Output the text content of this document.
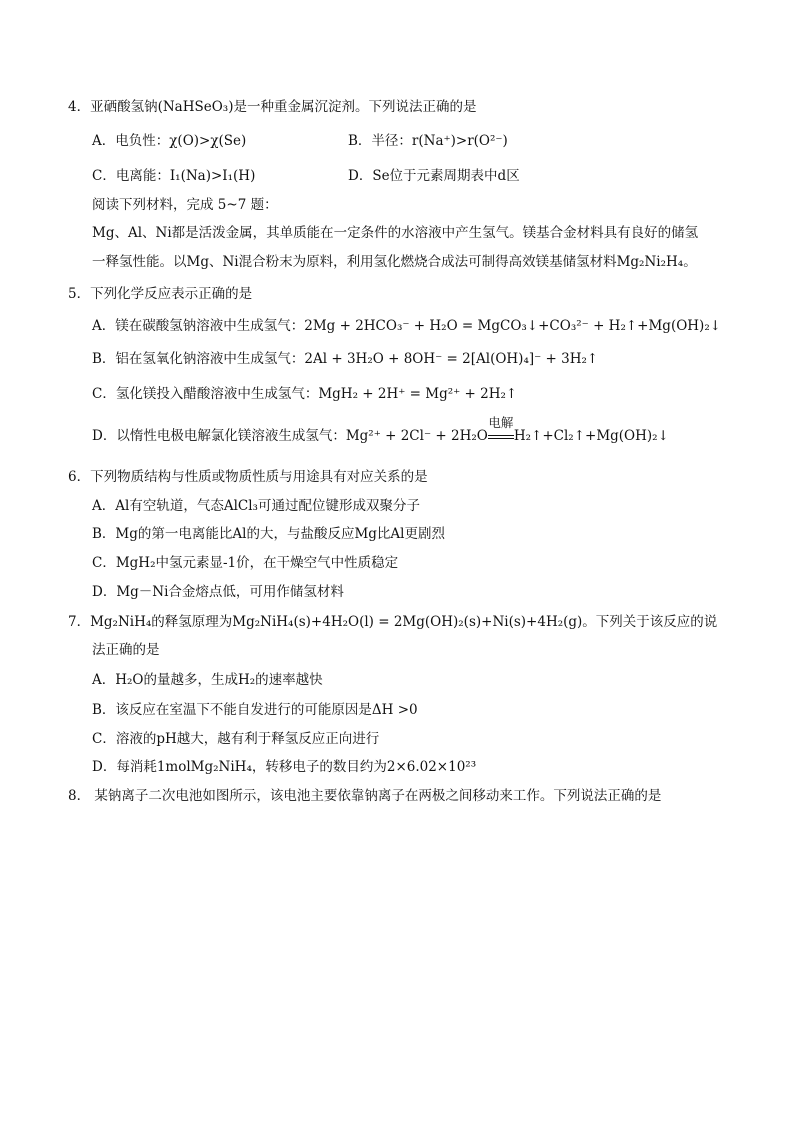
4．亚硒酸氢钠(NaHSeO₃)是一种重金属沉淀剂。下列说法正确的是
A．电负性：χ(O)>χ(Se)	B．半径：r(Na⁺)>r(O²⁻)
C．电离能：I₁(Na)>I₁(H)	D．Se位于元素周期表中d区
阅读下列材料，完成 5~7 题：
Mg、Al、Ni都是活泼金属，其单质能在一定条件的水溶液中产生氢气。镁基合金材料具有良好的储氢
一释氢性能。以Mg、Ni混合粉末为原料，利用氢化燃烧合成法可制得高效镁基储氢材料Mg₂Ni₂H₄。
5．下列化学反应表示正确的是
A．镁在碳酸氢钠溶液中生成氢气：2Mg + 2HCO₃⁻ + H₂O = MgCO₃↓+CO₃²⁻ + H₂↑+Mg(OH)₂↓
B．铝在氢氧化钠溶液中生成氢气：2Al + 3H₂O + 8OH⁻ = 2[Al(OH)₄]⁻ + 3H₂↑
C．氢化镁投入醋酸溶液中生成氢气：MgH₂ + 2H⁺ = Mg²⁺ + 2H₂↑
D．以惰性电极电解氯化镁溶液生成氢气：Mg²⁺ + 2Cl⁻ + 2H₂O
电解
H₂↑+Cl₂↑+Mg(OH)₂↓
6．下列物质结构与性质或物质性质与用途具有对应关系的是
A．Al有空轨道，气态AlCl₃可通过配位键形成双聚分子
B．Mg的第一电离能比Al的大，与盐酸反应Mg比Al更剧烈
C．MgH₂中氢元素显-1价，在干燥空气中性质稳定
D．Mg－Ni合金熔点低，可用作储氢材料
7．Mg₂NiH₄的释氢原理为Mg₂NiH₄(s)+4H₂O(l) = 2Mg(OH)₂(s)+Ni(s)+4H₂(g)。下列关于该反应的说
法正确的是
A．H₂O的量越多，生成H₂的速率越快
B．该反应在室温下不能自发进行的可能原因是ΔH >0
C．溶液的pH越大，越有利于释氢反应正向进行
D．每消耗1molMg₂NiH₄，转移电子的数目约为2×6.02×10²³
8． 某钠离子二次电池如图所示，该电池主要依靠钠离子在两极之间移动来工作。下列说法正确的是
